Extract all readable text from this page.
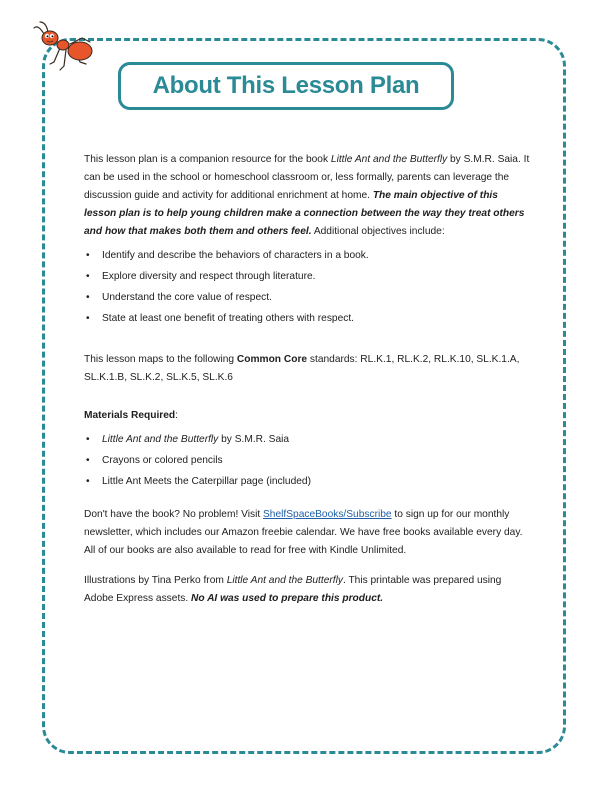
About This Lesson Plan

This lesson plan is a companion resource for the book Little Ant and the Butterfly by S.M.R. Saia. It can be used in the school or homeschool classroom or, less formally, parents can leverage the discussion guide and activity for additional enrichment at home. The main objective of this lesson plan is to help young children make a connection between the way they treat others and how that makes both them and others feel. Additional objectives include:

• Identify and describe the behaviors of characters in a book.
• Explore diversity and respect through literature.
• Understand the core value of respect.
• State at least one benefit of treating others with respect.

This lesson maps to the following Common Core standards: RL.K.1, RL.K.2, RL.K.10, SL.K.1.A, SL.K.1.B, SL.K.2, SL.K.5, SL.K.6

Materials Required:

• Little Ant and the Butterfly by S.M.R. Saia
• Crayons or colored pencils
• Little Ant Meets the Caterpillar page (included)

Don't have the book? No problem! Visit ShelfSpaceBooks/Subscribe to sign up for our monthly newsletter, which includes our Amazon freebie calendar. We have free books available every day. All of our books are also available to read for free with Kindle Unlimited.

Illustrations by Tina Perko from Little Ant and the Butterfly. This printable was prepared using Adobe Express assets. No AI was used to prepare this product.
